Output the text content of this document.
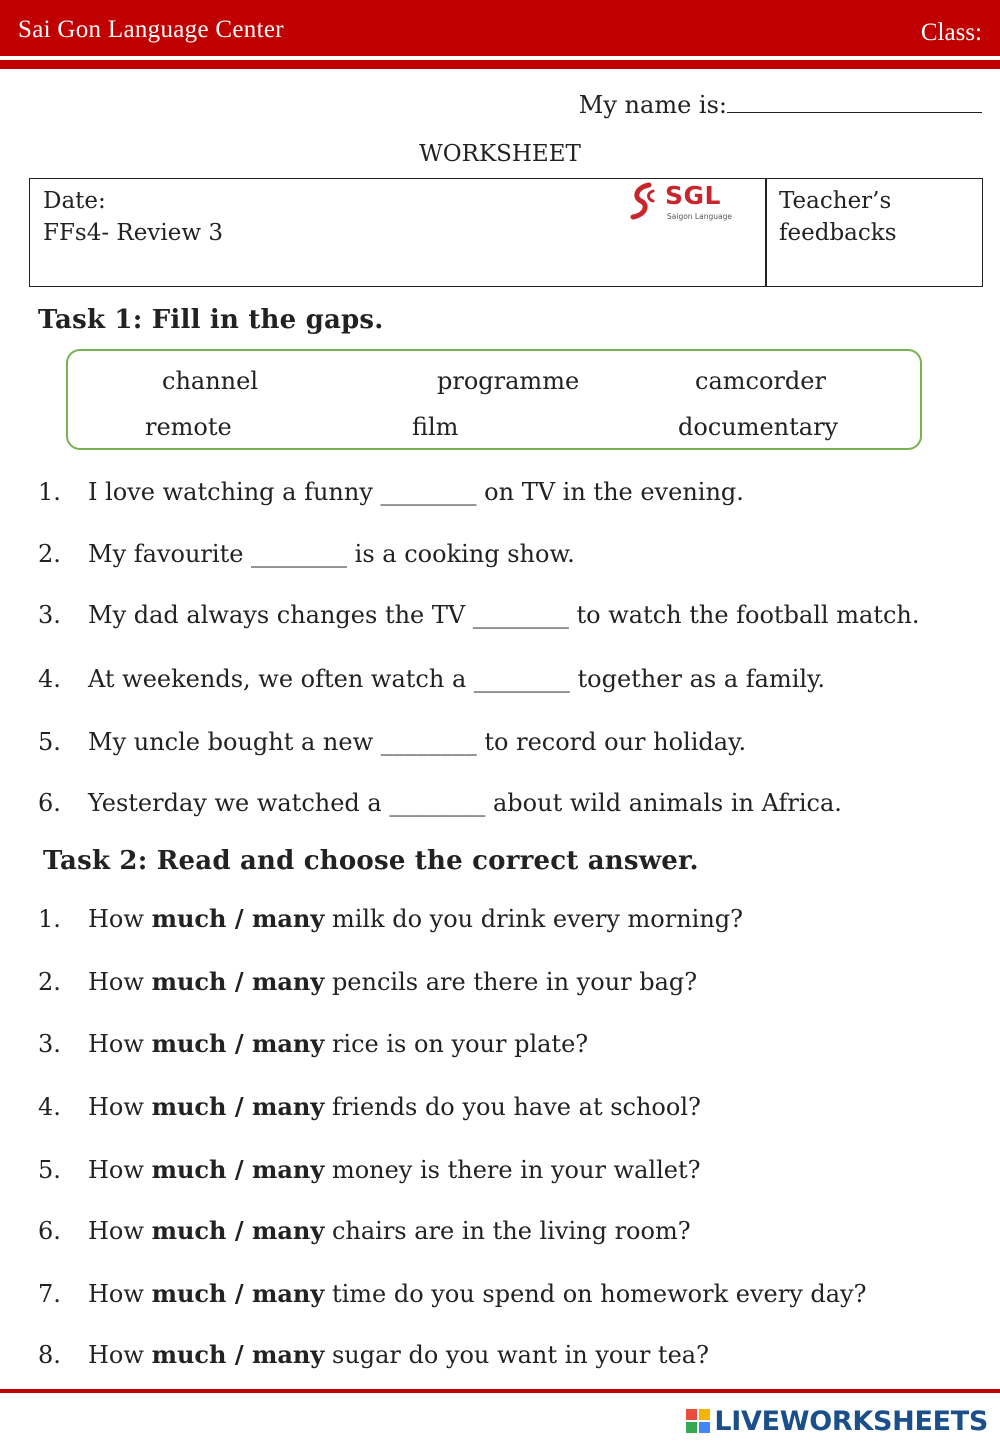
Sai Gon Language Center	Class:
My name is:
WORKSHEET
Date:
FFs4- Review 3
SGL
Saigon Language
Teacher’s
feedbacks
Task 1: Fill in the gaps.
channel	programme	camcorder
remote	film	documentary
1. I love watching a funny ________ on TV in the evening.
2. My favourite ________ is a cooking show.
3. My dad always changes the TV ________ to watch the football match.
4. At weekends, we often watch a ________ together as a family.
5. My uncle bought a new ________ to record our holiday.
6. Yesterday we watched a ________ about wild animals in Africa.
Task 2: Read and choose the correct answer.
1. How much / many milk do you drink every morning?
2. How much / many pencils are there in your bag?
3. How much / many rice is on your plate?
4. How much / many friends do you have at school?
5. How much / many money is there in your wallet?
6. How much / many chairs are in the living room?
7. How much / many time do you spend on homework every day?
8. How much / many sugar do you want in your tea?
LIVEWORKSHEETS
